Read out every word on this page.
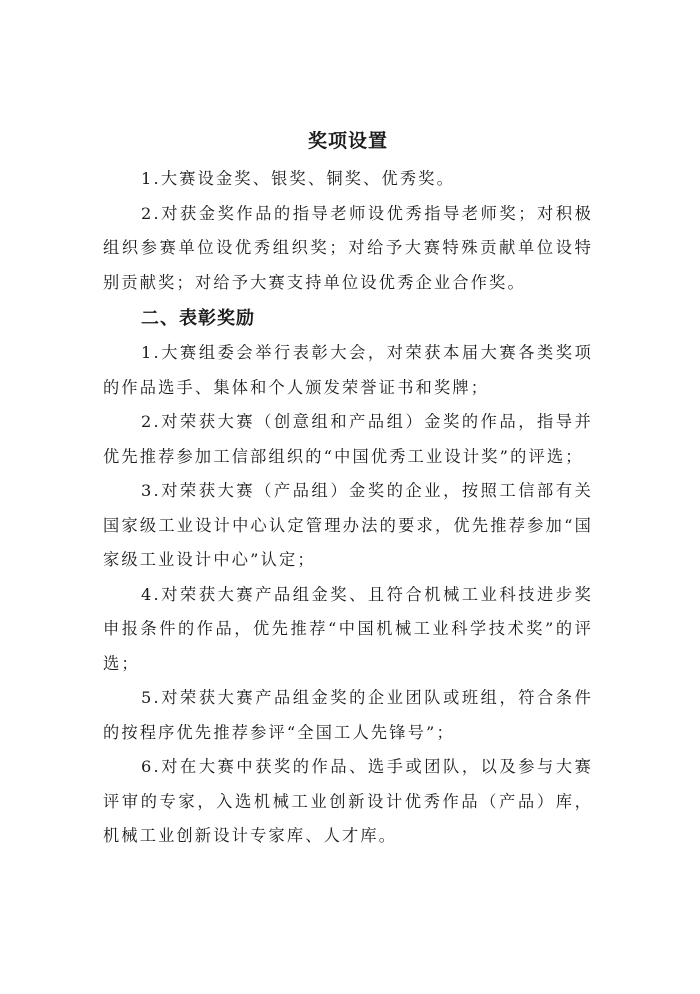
奖项设置

1.大赛设金奖、银奖、铜奖、优秀奖。

2.对获金奖作品的指导老师设优秀指导老师奖；对积极组织参赛单位设优秀组织奖；对给予大赛特殊贡献单位设特别贡献奖；对给予大赛支持单位设优秀企业合作奖。

二、表彰奖励

1.大赛组委会举行表彰大会，对荣获本届大赛各类奖项的作品选手、集体和个人颁发荣誉证书和奖牌；

2.对荣获大赛（创意组和产品组）金奖的作品，指导并优先推荐参加工信部组织的“中国优秀工业设计奖”的评选；

3.对荣获大赛（产品组）金奖的企业，按照工信部有关国家级工业设计中心认定管理办法的要求，优先推荐参加“国家级工业设计中心”认定；

4.对荣获大赛产品组金奖、且符合机械工业科技进步奖申报条件的作品，优先推荐“中国机械工业科学技术奖”的评选；

5.对荣获大赛产品组金奖的企业团队或班组，符合条件的按程序优先推荐参评“全国工人先锋号”；

6.对在大赛中获奖的作品、选手或团队，以及参与大赛评审的专家，入选机械工业创新设计优秀作品（产品）库，机械工业创新设计专家库、人才库。
